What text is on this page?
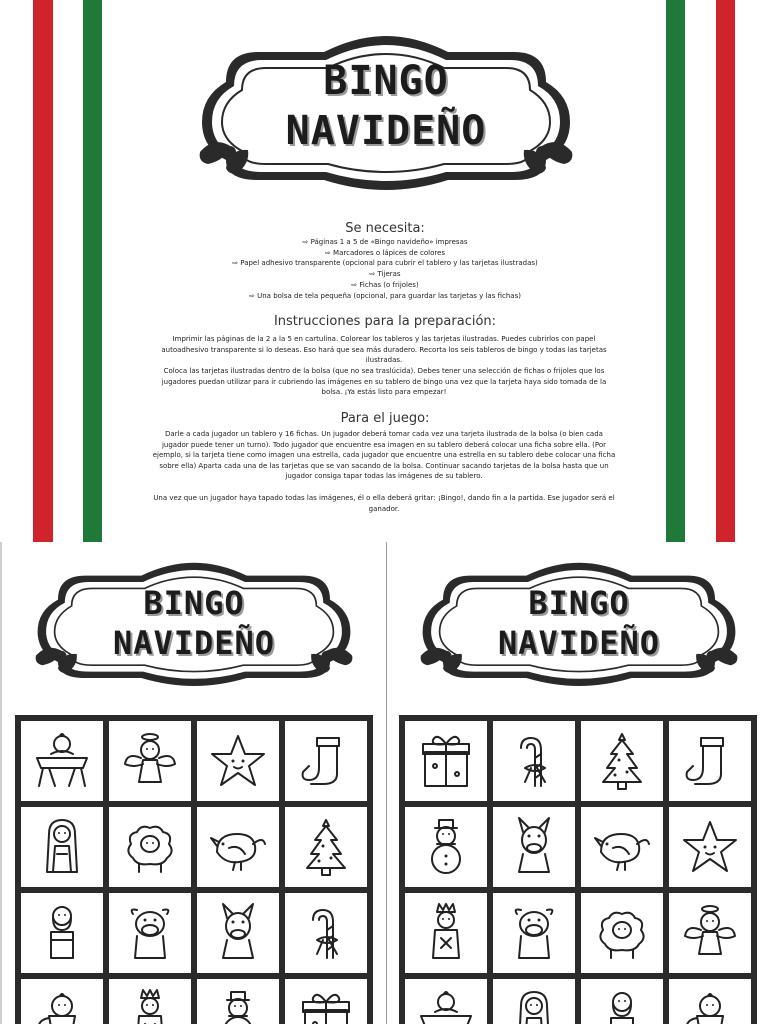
BINGO
NAVIDEÑO
Se necesita:
⇨ Páginas 1 a 5 de «Bingo navideño» impresas
⇨ Marcadores o lápices de colores
⇨ Papel adhesivo transparente (opcional para cubrir el tablero y las tarjetas ilustradas)
⇨ Tijeras
⇨ Fichas (o frijoles)
⇨ Una bolsa de tela pequeña (opcional, para guardar las tarjetas y las fichas)
Instrucciones para la preparación:

Imprimir las páginas de la 2 a la 5 en cartulina. Colorear los tableros y las tarjetas ilustradas. Puedes cubrirlos con papel autoadhesivo transparente si lo deseas. Eso hará que sea más duradero. Recorta los seis tableros de bingo y todas las tarjetas ilustradas.

Coloca las tarjetas ilustradas dentro de la bolsa (que no sea traslúcida). Debes tener una selección de fichas o frijoles que los jugadores puedan utilizar para ir cubriendo las imágenes en su tablero de bingo una vez que la tarjeta haya sido tomada de la bolsa. ¡Ya estás listo para empezar!

Para el juego:

Darle a cada jugador un tablero y 16 fichas. Un jugador deberá tomar cada vez una tarjeta ilustrada de la bolsa (o bien cada jugador puede tener un turno). Todo jugador que encuentre esa imagen en su tablero deberá colocar una ficha sobre ella. (Por ejemplo, si la tarjeta tiene como imagen una estrella, cada jugador que encuentre una estrella en su tablero debe colocar una ficha sobre ella) Aparta cada una de las tarjetas que se van sacando de la bolsa. Continuar sacando tarjetas de la bolsa hasta que un jugador consiga tapar todas las imágenes de su tablero.

Una vez que un jugador haya tapado todas las imágenes, él o ella deberá gritar: ¡Bingo!, dando fin a la partida. Ese jugador será el ganador.

BINGO
NAVIDEÑO
BINGO
NAVIDEÑO
